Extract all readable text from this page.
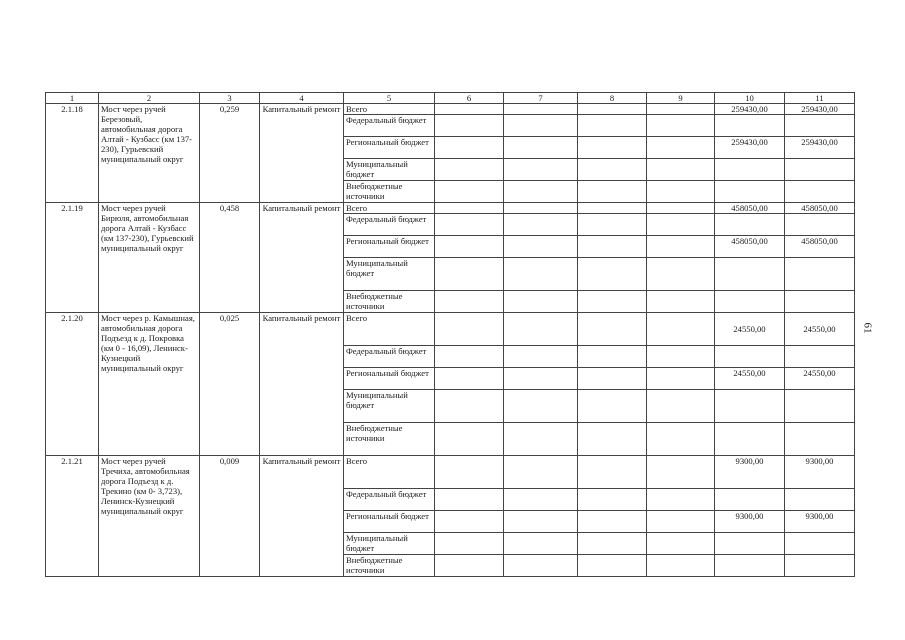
1	2	3	4	5	6	7	8	9	10	11
2.1.18	Мост через ручей Березовый, автомобильная дорога Алтай - Кузбасс (км 137- 230), Гурьевский муниципальный округ	0,259	Капитальный ремонт	Всего					259430,00	259430,00
				Федеральный бюджет						
				Региональный бюджет					259430,00	259430,00
				Муниципальный бюджет						
				Внебюджетные источники						
2.1.19	Мост через ручей Бирюля, автомобильная дорога Алтай - Кузбасс (км 137-230), Гурьевский муниципальный округ	0,458	Капитальный ремонт	Всего					458050,00	458050,00
				Федеральный бюджет						
				Региональный бюджет					458050,00	458050,00
				Муниципальный бюджет						
				Внебюджетные источники						
2.1.20	Мост через р. Камышная, автомобильная дорога Подъезд к д. Покровка (км 0 - 16,09), Ленинск-Кузнецкий муниципальный округ	0,025	Капитальный ремонт	Всего					24550,00	24550,00
				Федеральный бюджет						
				Региональный бюджет					24550,00	24550,00
				Муниципальный бюджет						
				Внебюджетные источники						
2.1.21	Мост через ручей Тречиха, автомобильная дорога Подъезд к д. Трекино (км 0- 3,723), Ленинск-Кузнецкий муниципальный округ	0,009	Капитальный ремонт	Всего					9300,00	9300,00
				Федеральный бюджет						
				Региональный бюджет					9300,00	9300,00
				Муниципальный бюджет						
				Внебюджетные источники						
61
